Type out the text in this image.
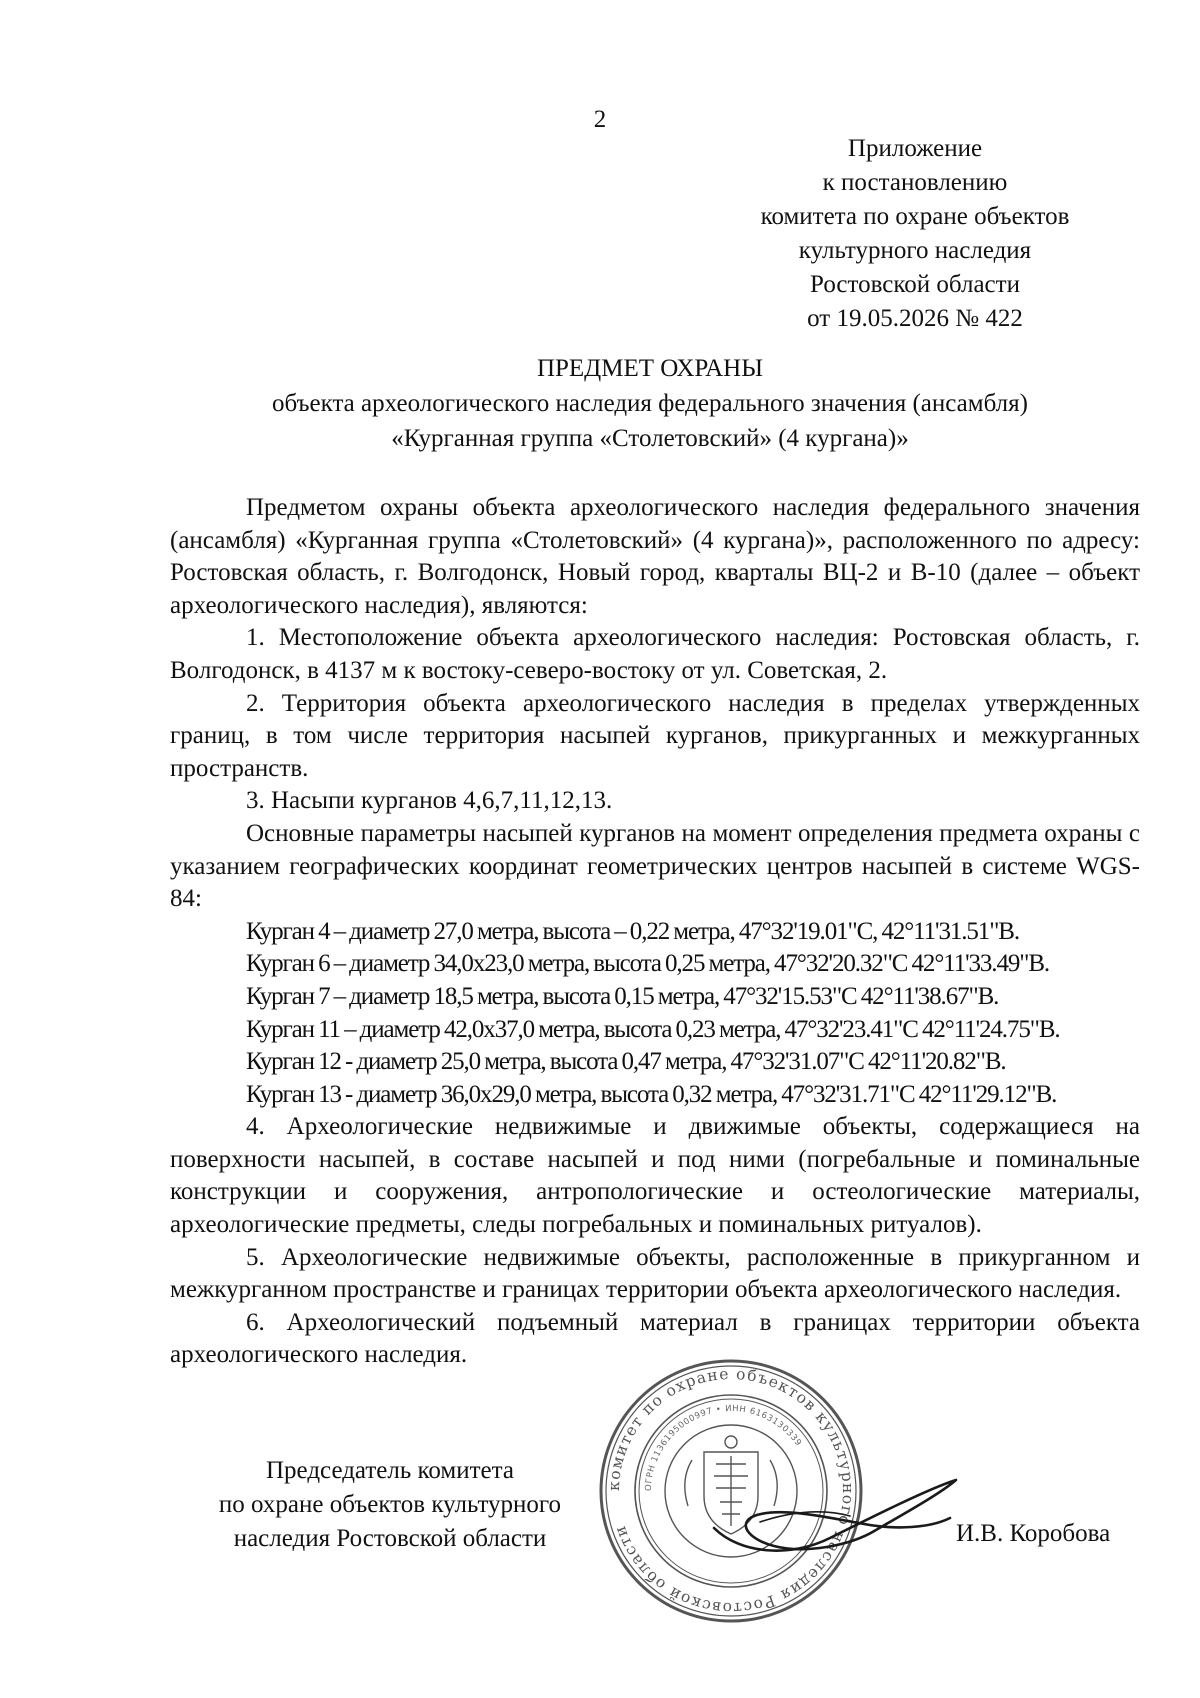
2
Приложение
к постановлению
комитета по охране объектов
культурного наследия
Ростовской области
от 19.05.2026 № 422
ПРЕДМЕТ ОХРАНЫ
объекта археологического наследия федерального значения (ансамбля)
«Курганная группа «Столетовский» (4 кургана)»

Предметом охраны объекта археологического наследия федерального значения (ансамбля) «Курганная группа «Столетовский» (4 кургана)», расположенного по адресу: Ростовская область, г. Волгодонск, Новый город, кварталы ВЦ-2 и В-10 (далее – объект археологического наследия), являются:

1. Местоположение объекта археологического наследия: Ростовская область, г. Волгодонск, в 4137 м к востоку-северо-востоку от ул. Советская, 2.

2. Территория объекта археологического наследия в пределах утвержденных границ, в том числе территория насыпей курганов, прикурганных и межкурганных пространств.

3. Насыпи курганов 4,6,7,11,12,13.

Основные параметры насыпей курганов на момент определения предмета охраны с указанием географических координат геометрических центров насыпей в системе WGS-84:

Курган 4 – диаметр 27,0 метра, высота – 0,22 метра, 47°32'19.01"С, 42°11'31.51"В.

Курган 6 – диаметр 34,0x23,0 метра, высота 0,25 метра, 47°32'20.32"С 42°11'33.49"В.

Курган 7 – диаметр 18,5 метра, высота 0,15 метра, 47°32'15.53"С 42°11'38.67"В.

Курган 11 – диаметр 42,0x37,0 метра, высота 0,23 метра, 47°32'23.41"С 42°11'24.75"В.

Курган 12 - диаметр 25,0 метра, высота 0,47 метра, 47°32'31.07"С 42°11'20.82"В.

Курган 13 - диаметр 36,0x29,0 метра, высота 0,32 метра, 47°32'31.71"С 42°11'29.12"В.

4. Археологические недвижимые и движимые объекты, содержащиеся на поверхности насыпей, в составе насыпей и под ними (погребальные и поминальные конструкции и сооружения, антропологические и остеологические материалы, археологические предметы, следы погребальных и поминальных ритуалов).

5. Археологические недвижимые объекты, расположенные в прикурганном и межкурганном пространстве и границах территории объекта археологического наследия.

6. Археологический подъемный материал в границах территории объекта археологического наследия.

Председатель комитета
по охране объектов культурного
наследия Ростовской области
комитет по охране объектов культурного наследия Ростовской области
ОГРН 1136195000997 • ИНН 6163130339
И.В. Коробова
